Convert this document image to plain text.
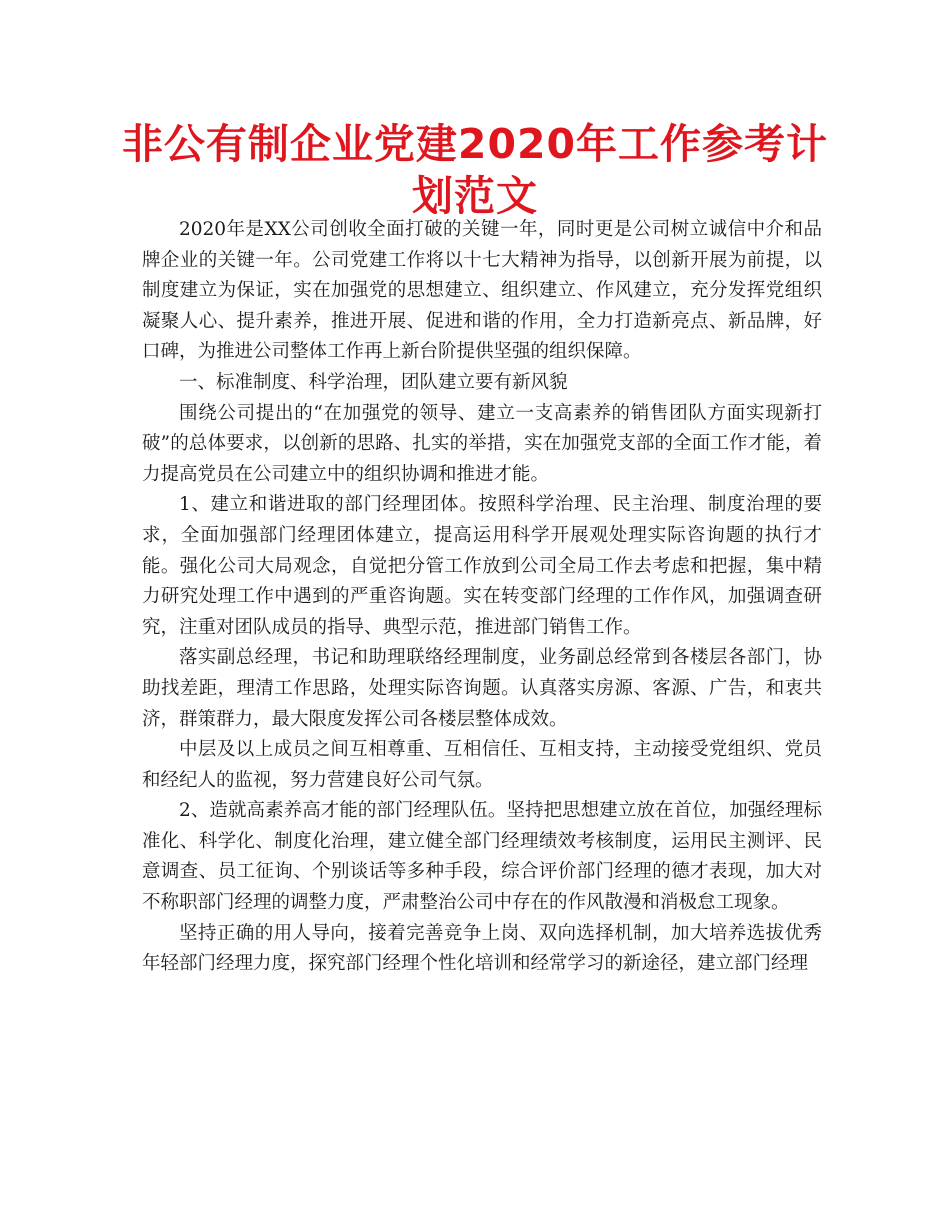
非公有制企业党建2020年工作参考计划范文

2020年是XX公司创收全面打破的关键一年，同时更是公司树立诚信中介和品牌企业的关键一年。公司党建工作将以十七大精神为指导，以创新开展为前提，以制度建立为保证，实在加强党的思想建立、组织建立、作风建立，充分发挥党组织凝聚人心、提升素养，推进开展、促进和谐的作用，全力打造新亮点、新品牌，好口碑，为推进公司整体工作再上新台阶提供坚强的组织保障。

一、标准制度、科学治理，团队建立要有新风貌

围绕公司提出的“在加强党的领导、建立一支高素养的销售团队方面实现新打破”的总体要求，以创新的思路、扎实的举措，实在加强党支部的全面工作才能，着力提高党员在公司建立中的组织协调和推进才能。

1、建立和谐进取的部门经理团体。按照科学治理、民主治理、制度治理的要求，全面加强部门经理团体建立，提高运用科学开展观处理实际咨询题的执行才能。强化公司大局观念，自觉把分管工作放到公司全局工作去考虑和把握，集中精力研究处理工作中遇到的严重咨询题。实在转变部门经理的工作作风，加强调查研究，注重对团队成员的指导、典型示范，推进部门销售工作。

落实副总经理，书记和助理联络经理制度，业务副总经常到各楼层各部门，协助找差距，理清工作思路，处理实际咨询题。认真落实房源、客源、广告，和衷共济，群策群力，最大限度发挥公司各楼层整体成效。

中层及以上成员之间互相尊重、互相信任、互相支持，主动接受党组织、党员和经纪人的监视，努力营建良好公司气氛。

2、造就高素养高才能的部门经理队伍。坚持把思想建立放在首位，加强经理标准化、科学化、制度化治理，建立健全部门经理绩效考核制度，运用民主测评、民意调查、员工征询、个别谈话等多种手段，综合评价部门经理的德才表现，加大对不称职部门经理的调整力度，严肃整治公司中存在的作风散漫和消极怠工现象。

坚持正确的用人导向，接着完善竞争上岗、双向选择机制，加大培养选拔优秀年轻部门经理力度，探究部门经理个性化培训和经常学习的新途径，建立部门经理
